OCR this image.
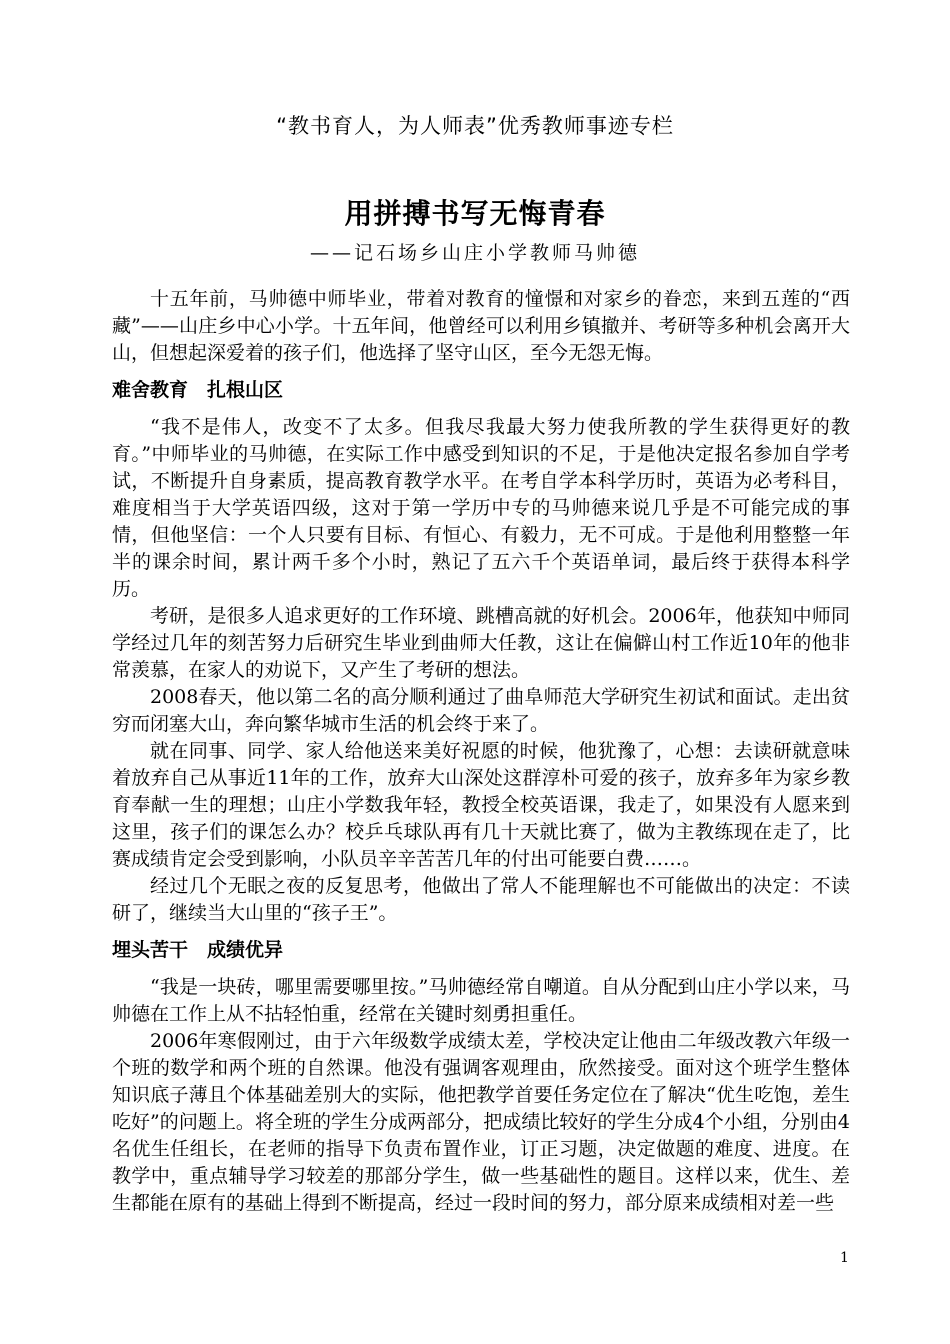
“教书育人，为人师表”优秀教师事迹专栏
用拼搏书写无悔青春
——记石场乡山庄小学教师马帅德

十五年前，马帅德中师毕业，带着对教育的憧憬和对家乡的眷恋，来到五莲的“西藏”——山庄乡中心小学。十五年间，他曾经可以利用乡镇撤并、考研等多种机会离开大山，但想起深爱着的孩子们，他选择了坚守山区，至今无怨无悔。

难舍教育　扎根山区

“我不是伟人，改变不了太多。但我尽我最大努力使我所教的学生获得更好的教育。”中师毕业的马帅德，在实际工作中感受到知识的不足，于是他决定报名参加自学考试，不断提升自身素质，提高教育教学水平。在考自学本科学历时，英语为必考科目，难度相当于大学英语四级，这对于第一学历中专的马帅德来说几乎是不可能完成的事情，但他坚信：一个人只要有目标、有恒心、有毅力，无不可成。于是他利用整整一年半的课余时间，累计两千多个小时，熟记了五六千个英语单词，最后终于获得本科学历。

考研，是很多人追求更好的工作环境、跳槽高就的好机会。2006年，他获知中师同学经过几年的刻苦努力后研究生毕业到曲师大任教，这让在偏僻山村工作近10年的他非常羡慕，在家人的劝说下，又产生了考研的想法。

2008春天，他以第二名的高分顺利通过了曲阜师范大学研究生初试和面试。走出贫穷而闭塞大山，奔向繁华城市生活的机会终于来了。

就在同事、同学、家人给他送来美好祝愿的时候，他犹豫了，心想：去读研就意味着放弃自己从事近11年的工作，放弃大山深处这群淳朴可爱的孩子，放弃多年为家乡教育奉献一生的理想；山庄小学数我年轻，教授全校英语课，我走了，如果没有人愿来到这里，孩子们的课怎么办？校乒乓球队再有几十天就比赛了，做为主教练现在走了，比赛成绩肯定会受到影响，小队员辛辛苦苦几年的付出可能要白费……。

经过几个无眠之夜的反复思考，他做出了常人不能理解也不可能做出的决定：不读研了，继续当大山里的“孩子王”。

埋头苦干　成绩优异

“我是一块砖，哪里需要哪里按。”马帅德经常自嘲道。自从分配到山庄小学以来，马帅德在工作上从不拈轻怕重，经常在关键时刻勇担重任。

2006年寒假刚过，由于六年级数学成绩太差，学校决定让他由二年级改教六年级一个班的数学和两个班的自然课。他没有强调客观理由，欣然接受。面对这个班学生整体知识底子薄且个体基础差别大的实际，他把教学首要任务定位在了解决“优生吃饱，差生吃好”的问题上。将全班的学生分成两部分，把成绩比较好的学生分成4个小组，分别由4名优生任组长，在老师的指导下负责布置作业，订正习题，决定做题的难度、进度。在教学中，重点辅导学习较差的那部分学生，做一些基础性的题目。这样以来，优生、差生都能在原有的基础上得到不断提高，经过一段时间的努力，部分原来成绩相对差一些

1
